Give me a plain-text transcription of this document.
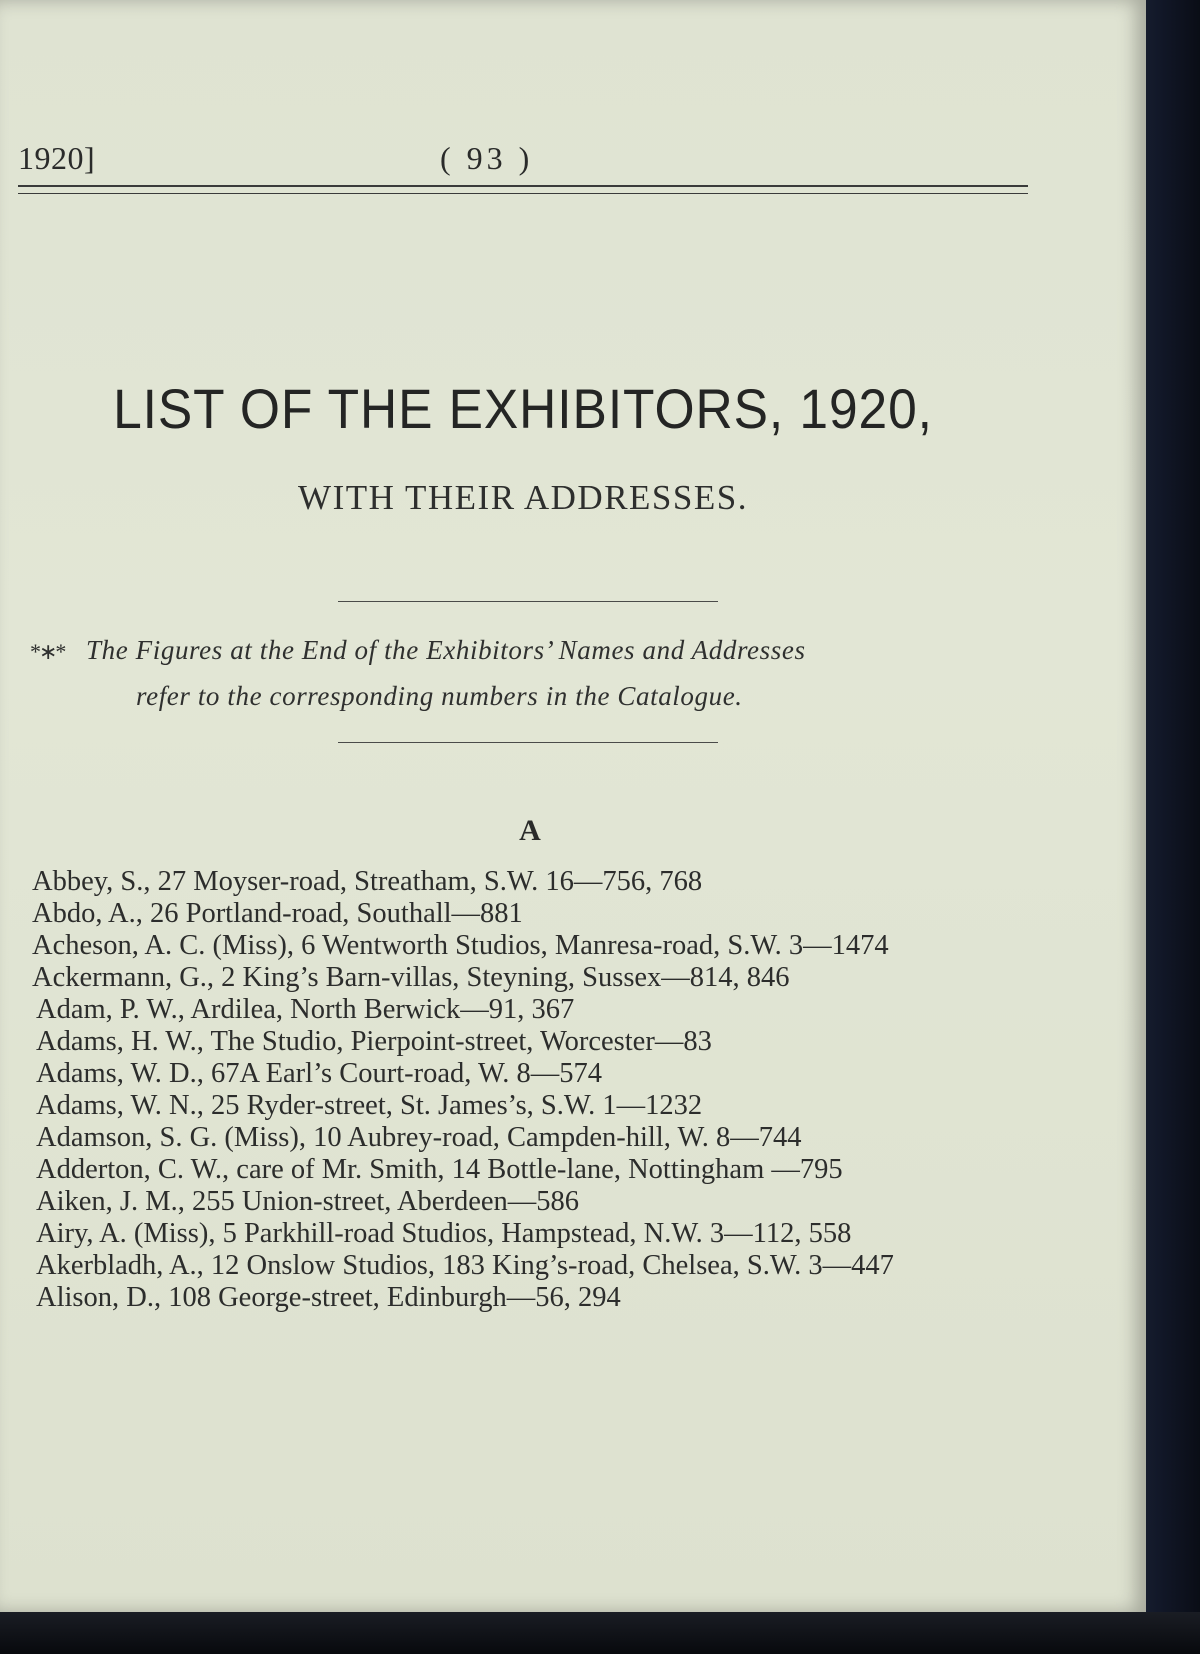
1920]	( 93 )
LIST OF THE EXHIBITORS, 1920,
WITH THEIR ADDRESSES.
*∗* The Figures at the End of the Exhibitors’ Names and Addresses
refer to the corresponding numbers in the Catalogue.
A
Abbey, S., 27 Moyser-road, Streatham, S.W. 16—756, 768
Abdo, A., 26 Portland-road, Southall—881
Acheson, A. C. (Miss), 6 Wentworth Studios, Manresa-road, S.W. 3—1474
Ackermann, G., 2 King’s Barn-villas, Steyning, Sussex—814, 846
Adam, P. W., Ardilea, North Berwick—91, 367
Adams, H. W., The Studio, Pierpoint-street, Worcester—83
Adams, W. D., 67A Earl’s Court-road, W. 8—574
Adams, W. N., 25 Ryder-street, St. James’s, S.W. 1—1232
Adamson, S. G. (Miss), 10 Aubrey-road, Campden-hill, W. 8—744
Adderton, C. W., care of Mr. Smith, 14 Bottle-lane, Nottingham —795
Aiken, J. M., 255 Union-street, Aberdeen—586
Airy, A. (Miss), 5 Parkhill-road Studios, Hampstead, N.W. 3—112, 558
Akerbladh, A., 12 Onslow Studios, 183 King’s-road, Chelsea, S.W. 3—447
Alison, D., 108 George-street, Edinburgh—56, 294
